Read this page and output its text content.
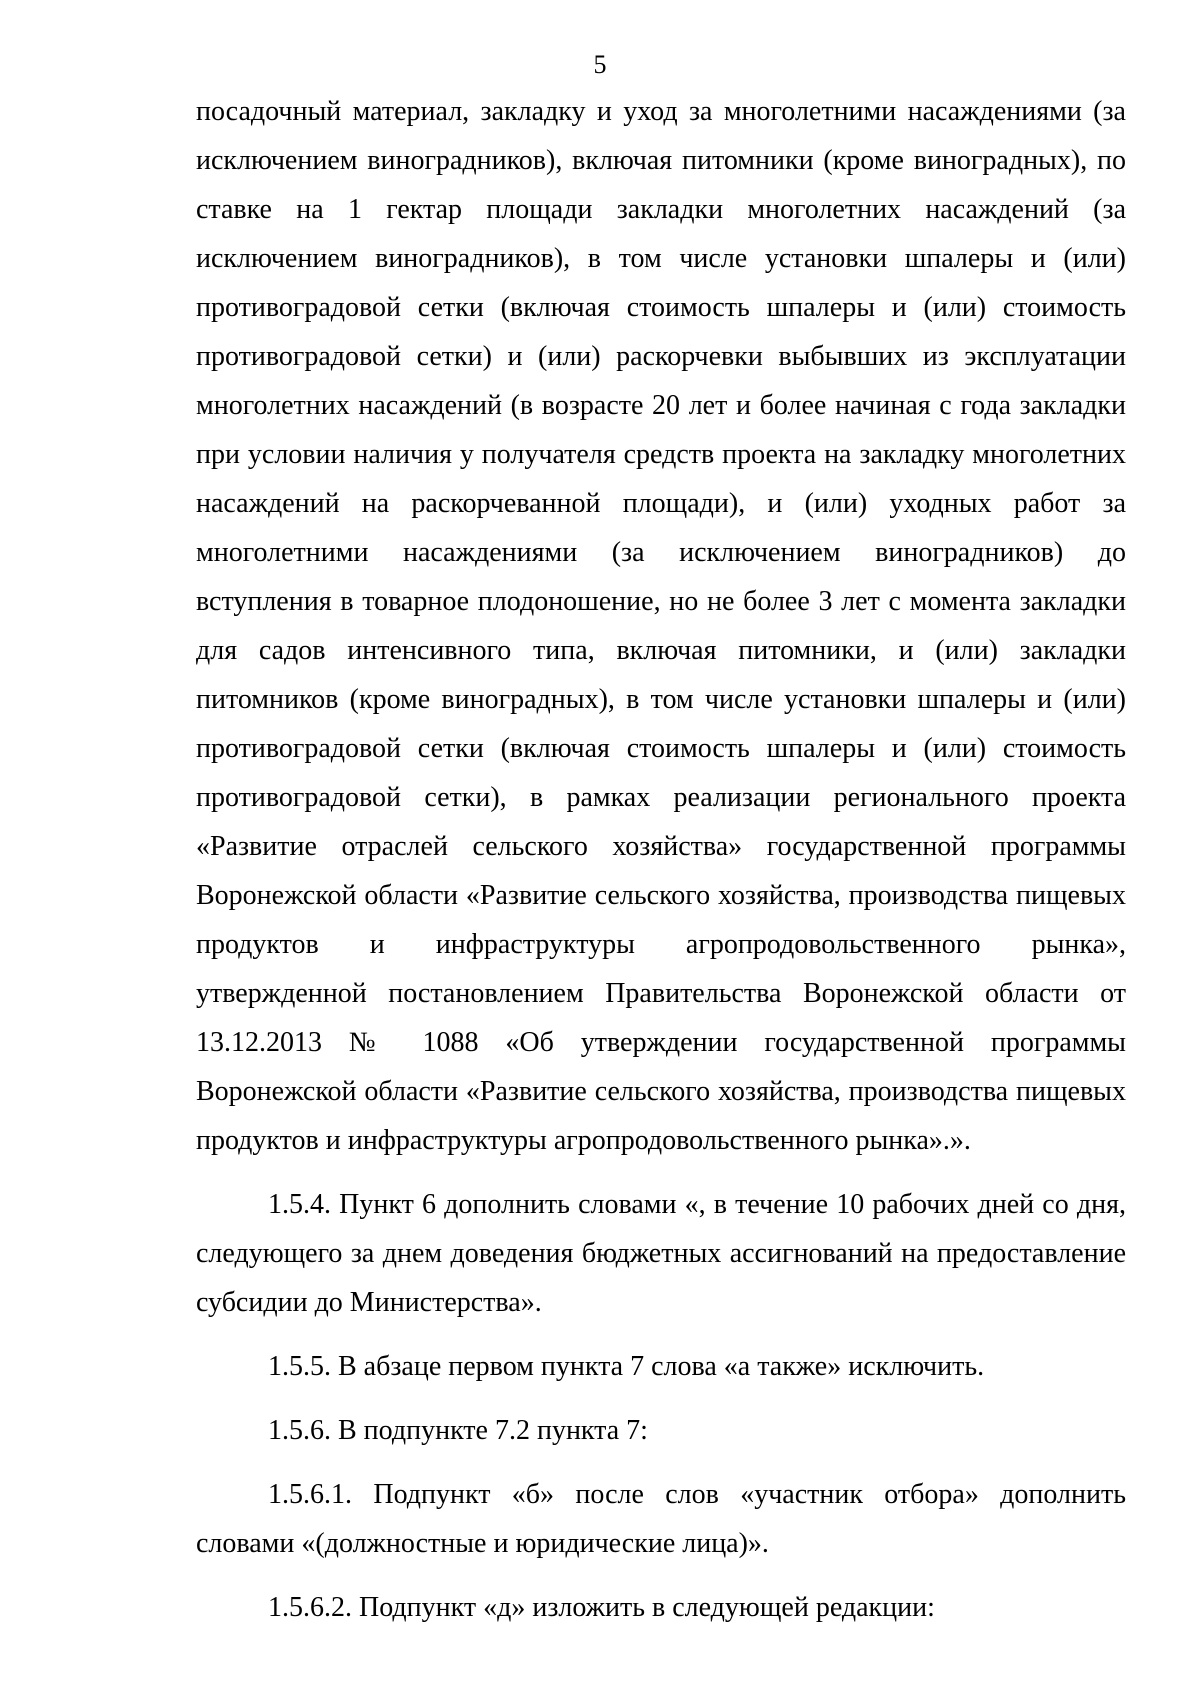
5

посадочный материал, закладку и уход за многолетними насаждениями (за исключением виноградников), включая питомники (кроме виноградных), по ставке на 1 гектар площади закладки многолетних насаждений (за исключением виноградников), в том числе установки шпалеры и (или) противоградовой сетки (включая стоимость шпалеры и (или) стоимость противоградовой сетки) и (или) раскорчевки выбывших из эксплуатации многолетних насаждений (в возрасте 20 лет и более начиная с года закладки при условии наличия у получателя средств проекта на закладку многолетних насаждений на раскорчеванной площади), и (или) уходных работ за многолетними насаждениями (за исключением виноградников) до вступления в товарное плодоношение, но не более 3 лет с момента закладки для садов интенсивного типа, включая питомники, и (или) закладки питомников (кроме виноградных), в том числе установки шпалеры и (или) противоградовой сетки (включая стоимость шпалеры и (или) стоимость противоградовой сетки), в рамках реализации регионального проекта «Развитие отраслей сельского хозяйства» государственной программы Воронежской области «Развитие сельского хозяйства, производства пищевых продуктов и инфраструктуры агропродовольственного рынка», утвержденной постановлением Правительства Воронежской области от 13.12.2013 № 1088 «Об утверждении государственной программы Воронежской области «Развитие сельского хозяйства, производства пищевых продуктов и инфраструктуры агропродовольственного рынка».».

1.5.4. Пункт 6 дополнить словами «, в течение 10 рабочих дней со дня, следующего за днем доведения бюджетных ассигнований на предоставление субсидии до Министерства».

1.5.5. В абзаце первом пункта 7 слова «а также» исключить.

1.5.6. В подпункте 7.2 пункта 7:

1.5.6.1. Подпункт «б» после слов «участник отбора» дополнить словами «(должностные и юридические лица)».

1.5.6.2. Подпункт «д» изложить в следующей редакции:
